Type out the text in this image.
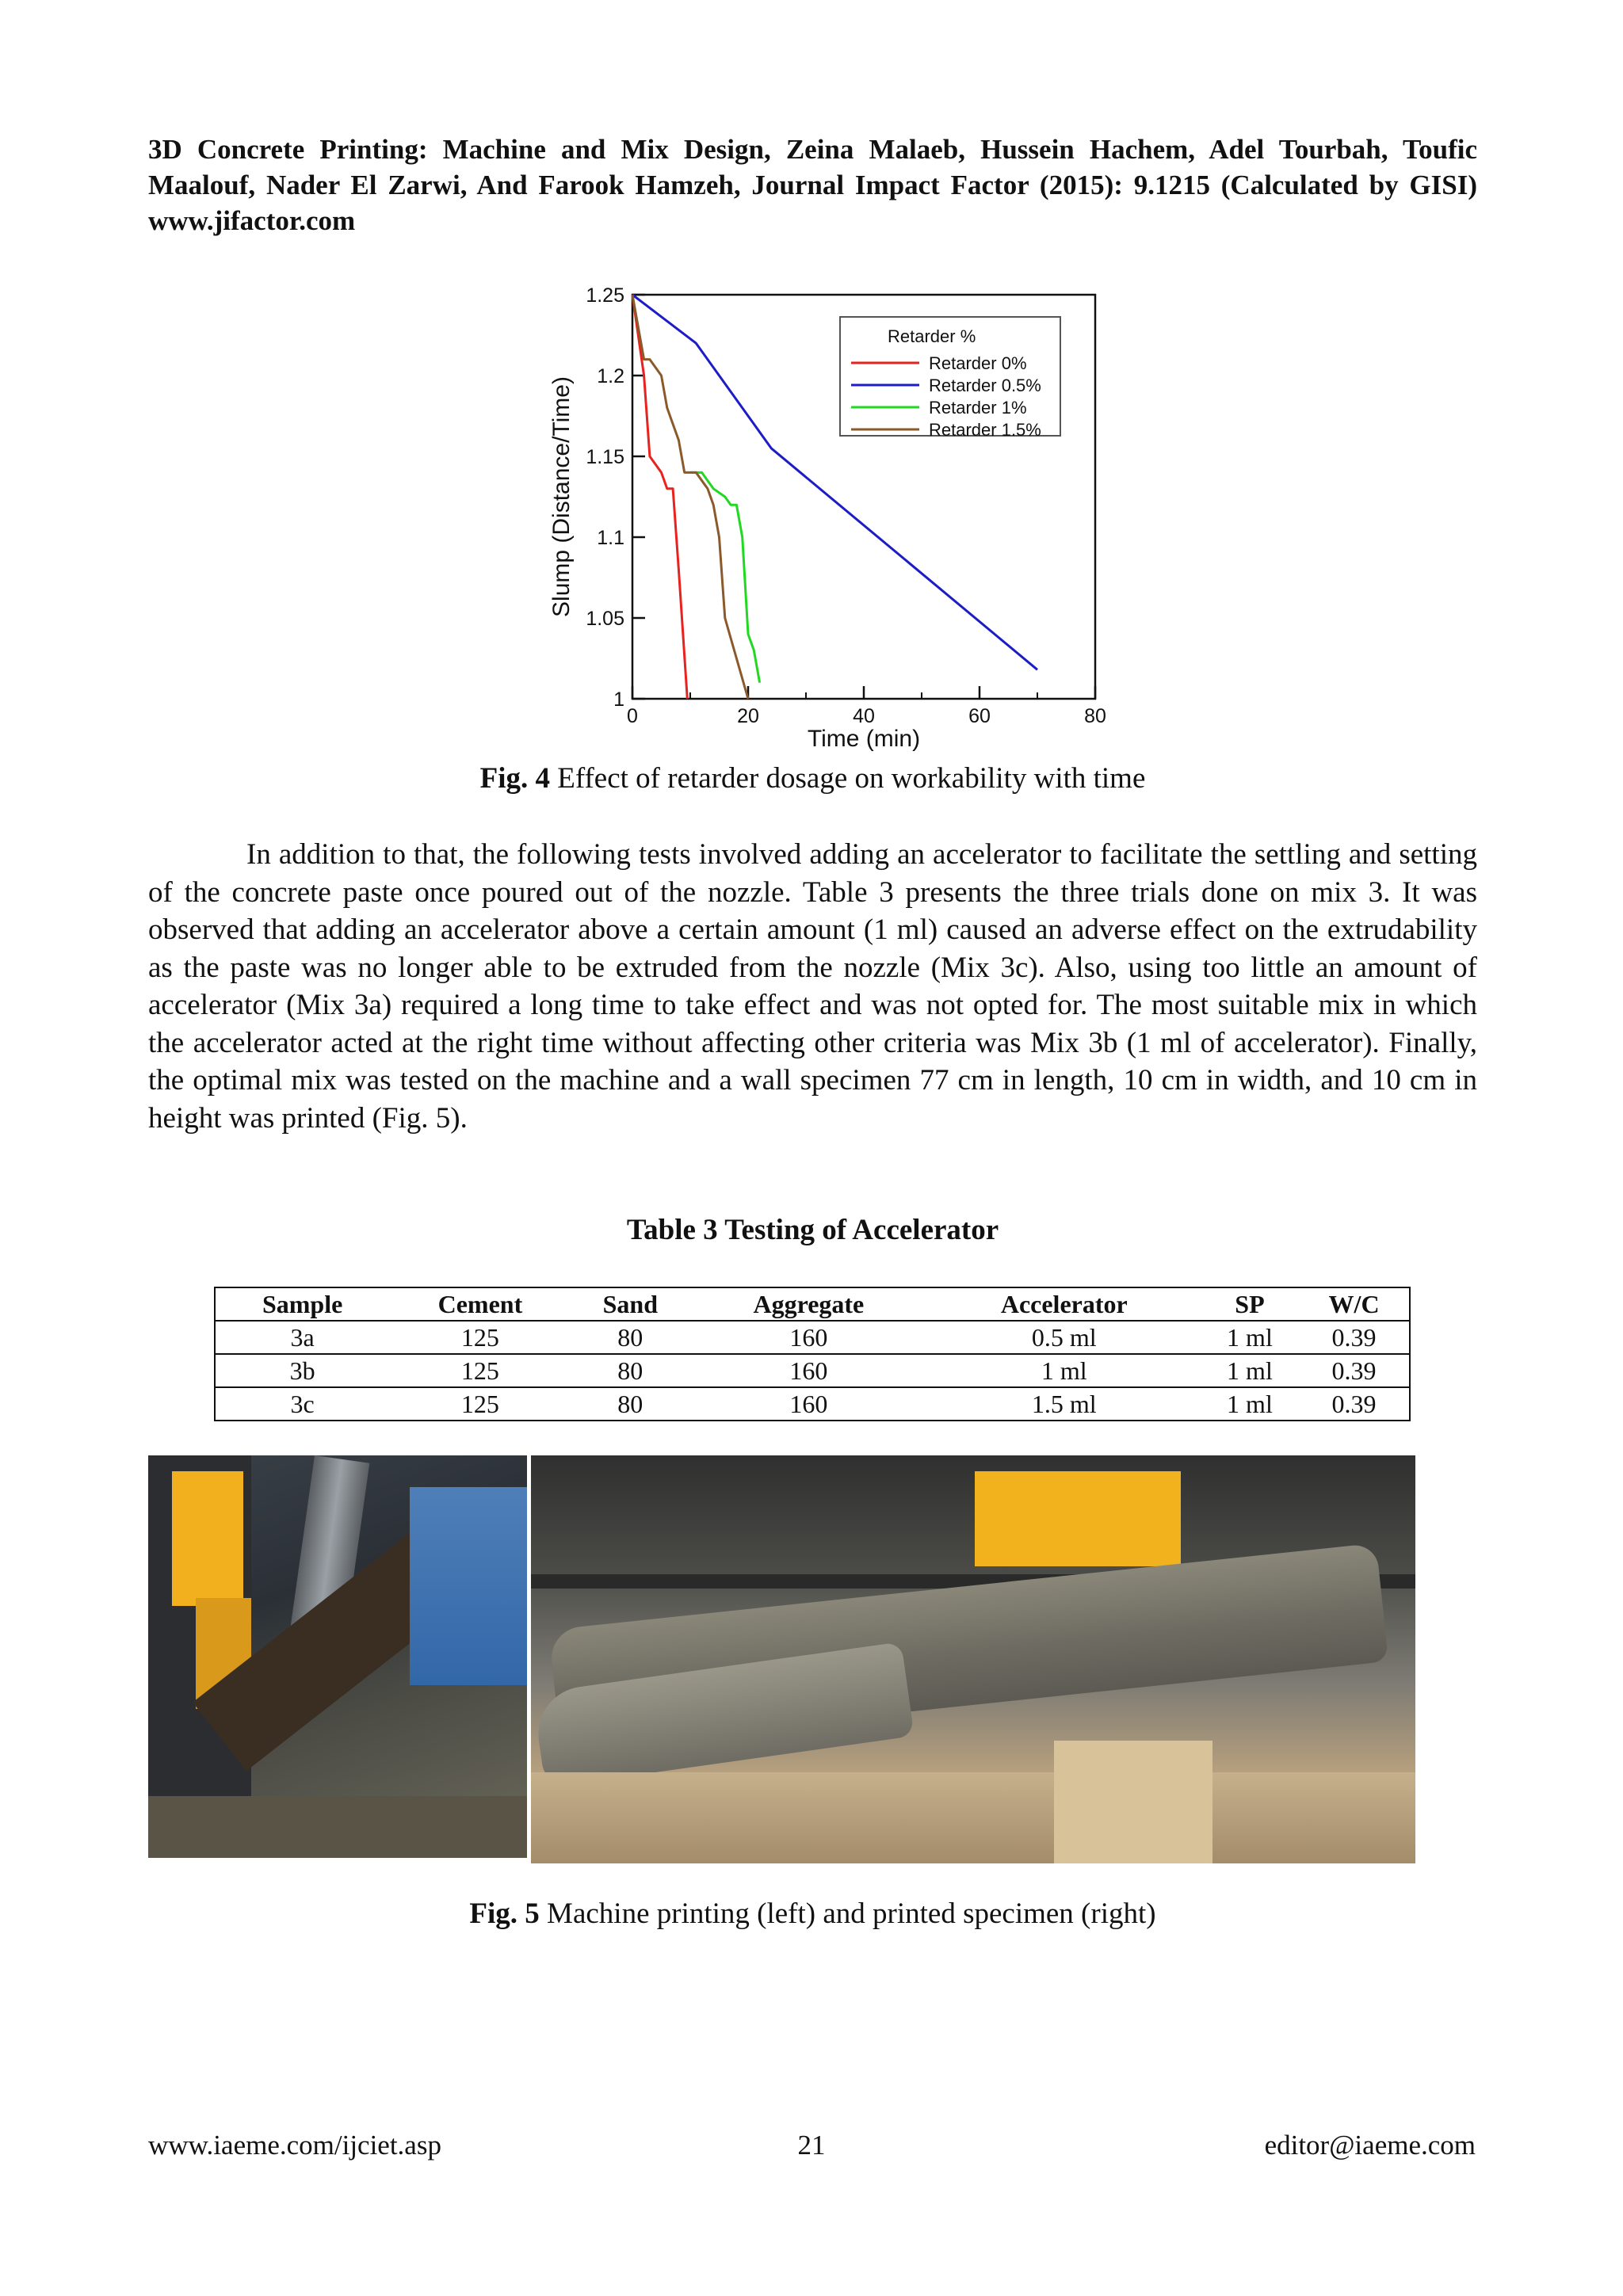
3D Concrete Printing: Machine and Mix Design, Zeina Malaeb, Hussein Hachem, Adel Tourbah, Toufic Maalouf, Nader El Zarwi, And Farook Hamzeh, Journal Impact Factor (2015): 9.1215 (Calculated by GISI) www.jifactor.com
0	20	40	60	80
1
1.05
1.1
1.15
1.2
1.25
Time (min)
Slump (Distance/Time)
Retarder %
Retarder 0%
Retarder 0.5%
Retarder 1%
Retarder 1.5%
Fig. 4 Effect of retarder dosage on workability with time
In addition to that, the following tests involved adding an accelerator to facilitate the settling and setting of the concrete paste once poured out of the nozzle. Table 3 presents the three trials done on mix 3. It was observed that adding an accelerator above a certain amount (1 ml) caused an adverse effect on the extrudability as the paste was no longer able to be extruded from the nozzle (Mix 3c). Also, using too little an amount of accelerator (Mix 3a) required a long time to take effect and was not opted for. The most suitable mix in which the accelerator acted at the right time without affecting other criteria was Mix 3b (1 ml of accelerator). Finally, the optimal mix was tested on the machine and a wall specimen 77 cm in length, 10 cm in width, and 10 cm in height was printed (Fig. 5).
Table 3 Testing of Accelerator
Sample	Cement	Sand	Aggregate	Accelerator	SP	W/C
3a	125	80	160	0.5 ml	1 ml	0.39
3b	125	80	160	1 ml	1 ml	0.39
3c	125	80	160	1.5 ml	1 ml	0.39
Fig. 5 Machine printing (left) and printed specimen (right)
www.iaeme.com/ijciet.asp	21	editor@iaeme.com
